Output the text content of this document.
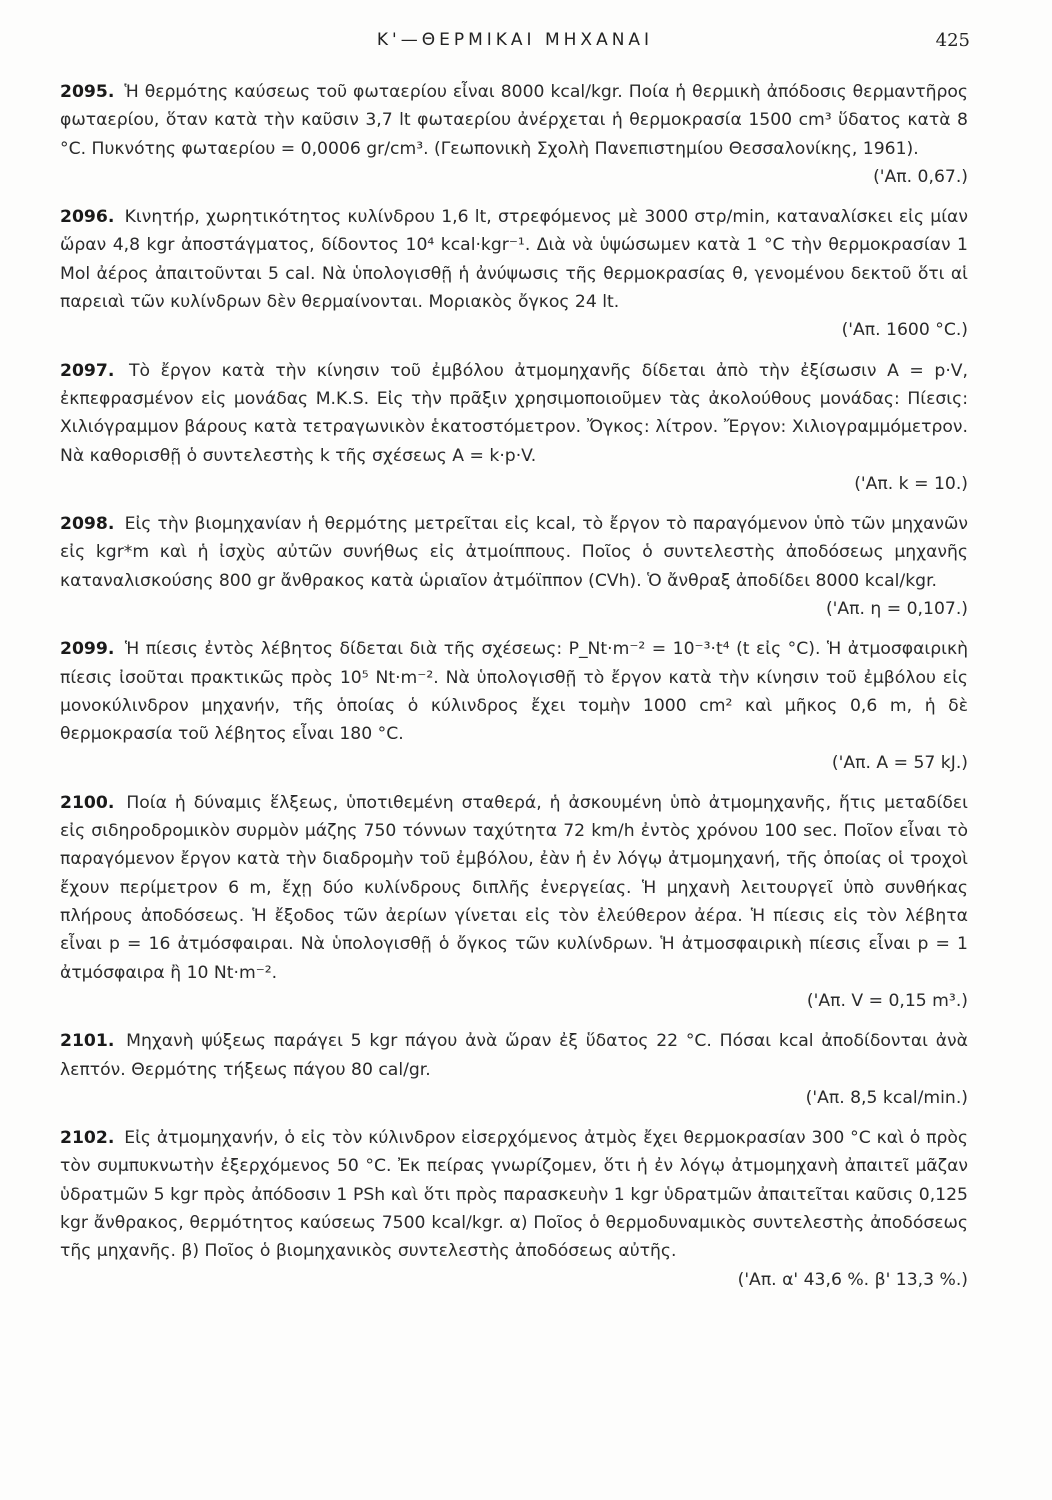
Κ'—ΘΕΡΜΙΚΑΙ ΜΗΧΑΝΑΙ	425
2095. Ἡ θερμότης καύσεως τοῦ φωταερίου εἶναι 8000 kcal/kgr. Ποία ἡ θερμικὴ ἀπόδοσις θερμαντῆρος φωταερίου, ὅταν κατὰ τὴν καῦσιν 3,7 lt φωταερίου ἀνέρχεται ἡ θερμοκρασία 1500 cm³ ὕδατος κατὰ 8 °C. Πυκνότης φωταερίου = 0,0006 gr/cm³. (Γεωπονικὴ Σχολὴ Πανεπιστημίου Θεσσαλονίκης, 1961).
('Απ. 0,67.)
2096. Κινητήρ, χωρητικότητος κυλίνδρου 1,6 lt, στρεφόμενος μὲ 3000 στρ/min, καταναλίσκει εἰς μίαν ὥραν 4,8 kgr ἀποστάγματος, δίδοντος 10⁴ kcal·kgr⁻¹. Διὰ νὰ ὑψώσωμεν κατὰ 1 °C τὴν θερμοκρασίαν 1 Mol ἀέρος ἀπαιτοῦνται 5 cal. Νὰ ὑπολογισθῇ ἡ ἀνύψωσις τῆς θερμοκρασίας θ, γενομένου δεκτοῦ ὅτι αἱ παρειαὶ τῶν κυλίνδρων δὲν θερμαίνονται. Μοριακὸς ὄγκος 24 lt.
('Απ. 1600 °C.)
2097. Τὸ ἔργον κατὰ τὴν κίνησιν τοῦ ἐμβόλου ἀτμομηχανῆς δίδεται ἀπὸ τὴν ἐξίσωσιν A = p·V, ἐκπεφρασμένον εἰς μονάδας M.K.S. Εἰς τὴν πρᾶξιν χρησιμοποιοῦμεν τὰς ἀκολούθους μονάδας: Πίεσις: Χιλιόγραμμον βάρους κατὰ τετραγωνικὸν ἑκατοστόμετρον. Ὄγκος: λίτρον. Ἔργον: Χιλιογραμμόμετρον. Νὰ καθορισθῇ ὁ συντελεστὴς k τῆς σχέσεως A = k·p·V.
('Απ. k = 10.)
2098. Εἰς τὴν βιομηχανίαν ἡ θερμότης μετρεῖται εἰς kcal, τὸ ἔργον τὸ παραγόμενον ὑπὸ τῶν μηχανῶν εἰς kgr*m καὶ ἡ ἰσχὺς αὐτῶν συνήθως εἰς ἀτμοίππους. Ποῖος ὁ συντελεστὴς ἀποδόσεως μηχανῆς καταναλισκούσης 800 gr ἄνθρακος κατὰ ὡριαῖον ἀτμόϊππον (CVh). Ὁ ἄνθραξ ἀποδίδει 8000 kcal/kgr.
('Απ. η = 0,107.)
2099. Ἡ πίεσις ἐντὸς λέβητος δίδεται διὰ τῆς σχέσεως: P_Nt·m⁻² = 10⁻³·t⁴ (t εἰς °C). Ἡ ἀτμοσφαιρικὴ πίεσις ἰσοῦται πρακτικῶς πρὸς 10⁵ Nt·m⁻². Νὰ ὑπολογισθῇ τὸ ἔργον κατὰ τὴν κίνησιν τοῦ ἐμβόλου εἰς μονοκύλινδρον μηχανήν, τῆς ὁποίας ὁ κύλινδρος ἔχει τομὴν 1000 cm² καὶ μῆκος 0,6 m, ἡ δὲ θερμοκρασία τοῦ λέβητος εἶναι 180 °C.
('Απ. A = 57 kJ.)
2100. Ποία ἡ δύναμις ἕλξεως, ὑποτιθεμένη σταθερά, ἡ ἀσκουμένη ὑπὸ ἀτμομηχανῆς, ἥτις μεταδίδει εἰς σιδηροδρομικὸν συρμὸν μάζης 750 τόννων ταχύτητα 72 km/h ἐντὸς χρόνου 100 sec. Ποῖον εἶναι τὸ παραγόμενον ἔργον κατὰ τὴν διαδρομὴν τοῦ ἐμβόλου, ἐὰν ἡ ἐν λόγῳ ἀτμομηχανή, τῆς ὁποίας οἱ τροχοὶ ἔχουν περίμετρον 6 m, ἔχῃ δύο κυλίνδρους διπλῆς ἐνεργείας. Ἡ μηχανὴ λειτουργεῖ ὑπὸ συνθήκας πλήρους ἀποδόσεως. Ἡ ἔξοδος τῶν ἀερίων γίνεται εἰς τὸν ἐλεύθερον ἀέρα. Ἡ πίεσις εἰς τὸν λέβητα εἶναι p = 16 ἀτμόσφαιραι. Νὰ ὑπολογισθῇ ὁ ὄγκος τῶν κυλίνδρων. Ἡ ἀτμοσφαιρικὴ πίεσις εἶναι p = 1 ἀτμόσφαιρα ἢ 10 Nt·m⁻².
('Απ. V = 0,15 m³.)
2101. Μηχανὴ ψύξεως παράγει 5 kgr πάγου ἀνὰ ὥραν ἐξ ὕδατος 22 °C. Πόσαι kcal ἀποδίδονται ἀνὰ λεπτόν. Θερμότης τήξεως πάγου 80 cal/gr.
('Απ. 8,5 kcal/min.)
2102. Εἰς ἀτμομηχανήν, ὁ εἰς τὸν κύλινδρον εἰσερχόμενος ἀτμὸς ἔχει θερμοκρασίαν 300 °C καὶ ὁ πρὸς τὸν συμπυκνωτὴν ἐξερχόμενος 50 °C. Ἐκ πείρας γνωρίζομεν, ὅτι ἡ ἐν λόγῳ ἀτμομηχανὴ ἀπαιτεῖ μᾶζαν ὑδρατμῶν 5 kgr πρὸς ἀπόδοσιν 1 PSh καὶ ὅτι πρὸς παρασκευὴν 1 kgr ὑδρατμῶν ἀπαιτεῖται καῦσις 0,125 kgr ἄνθρακος, θερμότητος καύσεως 7500 kcal/kgr. α) Ποῖος ὁ θερμοδυναμικὸς συντελεστὴς ἀποδόσεως τῆς μηχανῆς. β) Ποῖος ὁ βιομηχανικὸς συντελεστὴς ἀποδόσεως αὐτῆς.
('Απ. α' 43,6 %. β' 13,3 %.)
